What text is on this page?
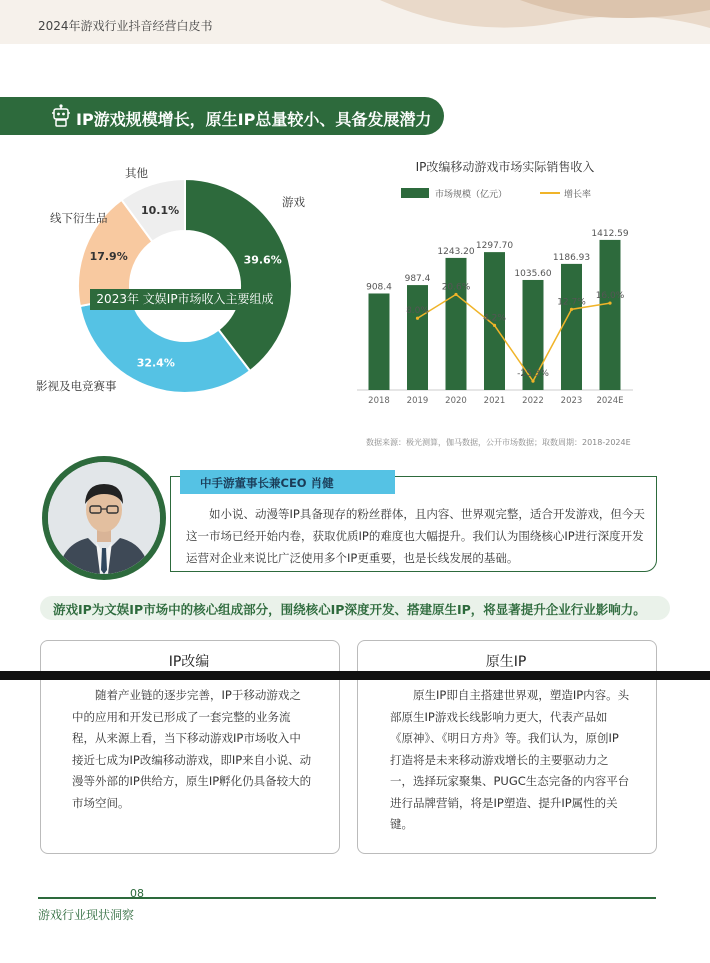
2024年游戏行业抖音经营白皮书
IP游戏规模增长，原生IP总量较小、具备发展潜力
39.6%
游戏
32.4%
影视及电竞赛事
17.9%
线下衍生品
10.1%
其他
2023年 文娱IP市场收入主要组成
IP改编移动游戏市场实际销售收入
市场规模（亿元）	增长率
908.4
2018
987.4
2019
1243.20
2020
1297.70
2021
1035.60
2022
1186.93
2023
1412.59
2024E
8.0%
20.6%
4.2%
-25.3%
12.7%
16.0%
数据来源：极光测算，伽马数据，公开市场数据；取数周期：2018-2024E
中手游董事长兼CEO 肖健
如小说、动漫等IP具备现存的粉丝群体，且内容、世界观完整，适合开发游戏，但今天这一市场已经开始内卷，获取优质IP的难度也大幅提升。我们认为围绕核心IP进行深度开发运营对企业来说比广泛使用多个IP更重要，也是长线发展的基础。
游戏IP为文娱IP市场中的核心组成部分，围绕核心IP深度开发、搭建原生IP，将显著提升企业行业影响力。
IP改编
随着产业链的逐步完善，IP于移动游戏之中的应用和开发已形成了一套完整的业务流程，从来源上看，当下移动游戏IP市场收入中接近七成为IP改编移动游戏，即IP来自小说、动漫等外部的IP供给方，原生IP孵化仍具备较大的市场空间。
原生IP
原生IP即自主搭建世界观，塑造IP内容。头部原生IP游戏长线影响力更大，代表产品如《原神》、《明日方舟》等。我们认为，原创IP打造将是未来移动游戏增长的主要驱动力之一，选择玩家聚集、PUGC生态完备的内容平台进行品牌营销，将是IP塑造、提升IP属性的关键。
08
游戏行业现状洞察
